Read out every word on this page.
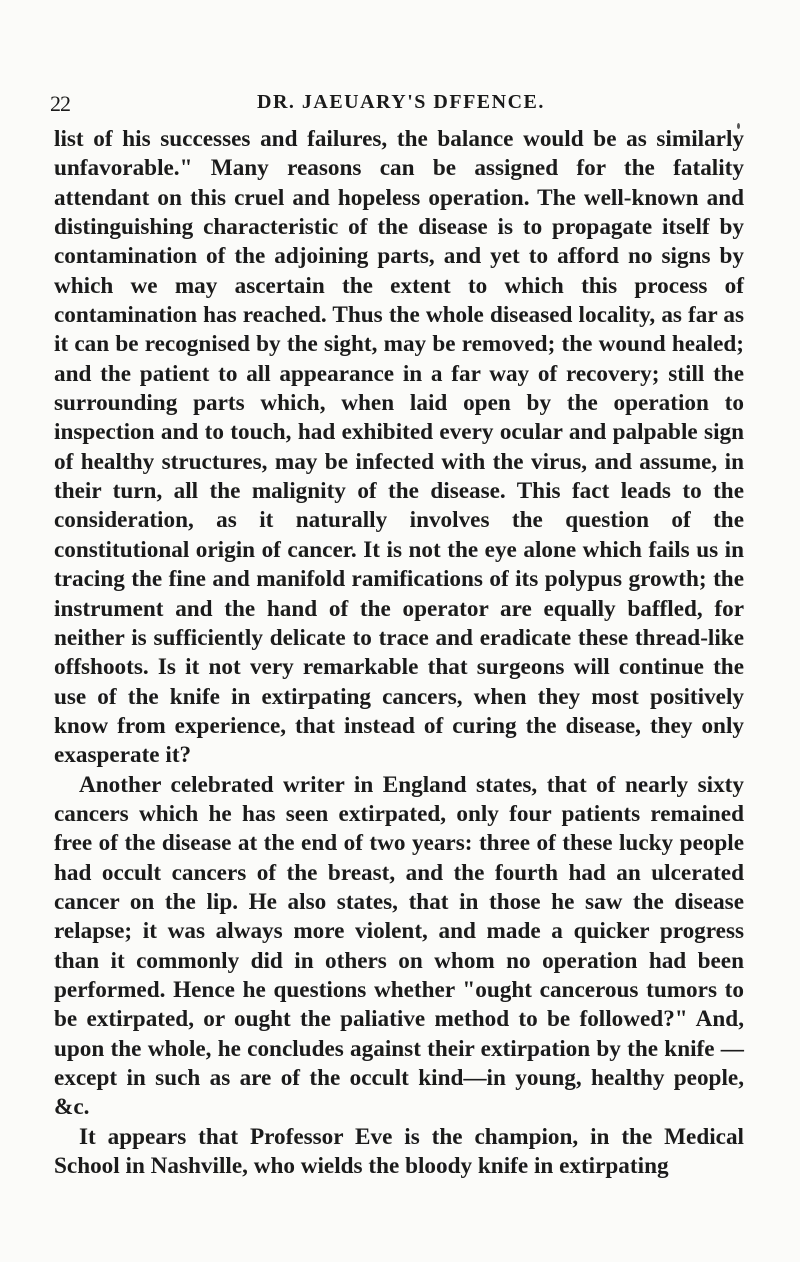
22	DR. JAEUARY'S DFFENCE.

list of his successes and failures, the balance would be as similarly unfavorable." Many reasons can be assigned for the fatality attendant on this cruel and hopeless operation. The well-known and distinguishing characteristic of the disease is to propagate itself by contamination of the adjoining parts, and yet to afford no signs by which we may ascertain the extent to which this process of contamination has reached. Thus the whole diseased locality, as far as it can be recognised by the sight, may be removed; the wound healed; and the patient to all appearance in a far way of recovery; still the surrounding parts which, when laid open by the operation to inspection and to touch, had exhibited every ocular and palpable sign of healthy structures, may be infected with the virus, and assume, in their turn, all the malignity of the disease. This fact leads to the consideration, as it naturally involves the question of the constitutional origin of cancer. It is not the eye alone which fails us in tracing the fine and manifold ramifications of its polypus growth; the instrument and the hand of the operator are equally baffled, for neither is sufficiently delicate to trace and eradicate these thread-like offshoots. Is it not very remarkable that surgeons will continue the use of the knife in extirpating cancers, when they most positively know from experience, that instead of curing the disease, they only exasperate it?

Another celebrated writer in England states, that of nearly sixty cancers which he has seen extirpated, only four patients remained free of the disease at the end of two years: three of these lucky people had occult cancers of the breast, and the fourth had an ulcerated cancer on the lip. He also states, that in those he saw the disease relapse; it was always more violent, and made a quicker progress than it commonly did in others on whom no operation had been performed. Hence he questions whether "ought cancerous tumors to be extirpated, or ought the paliative method to be followed?" And, upon the whole, he concludes against their extirpation by the knife —except in such as are of the occult kind—in young, healthy people, &c.

It appears that Professor Eve is the champion, in the Medical School in Nashville, who wields the bloody knife in extirpating
